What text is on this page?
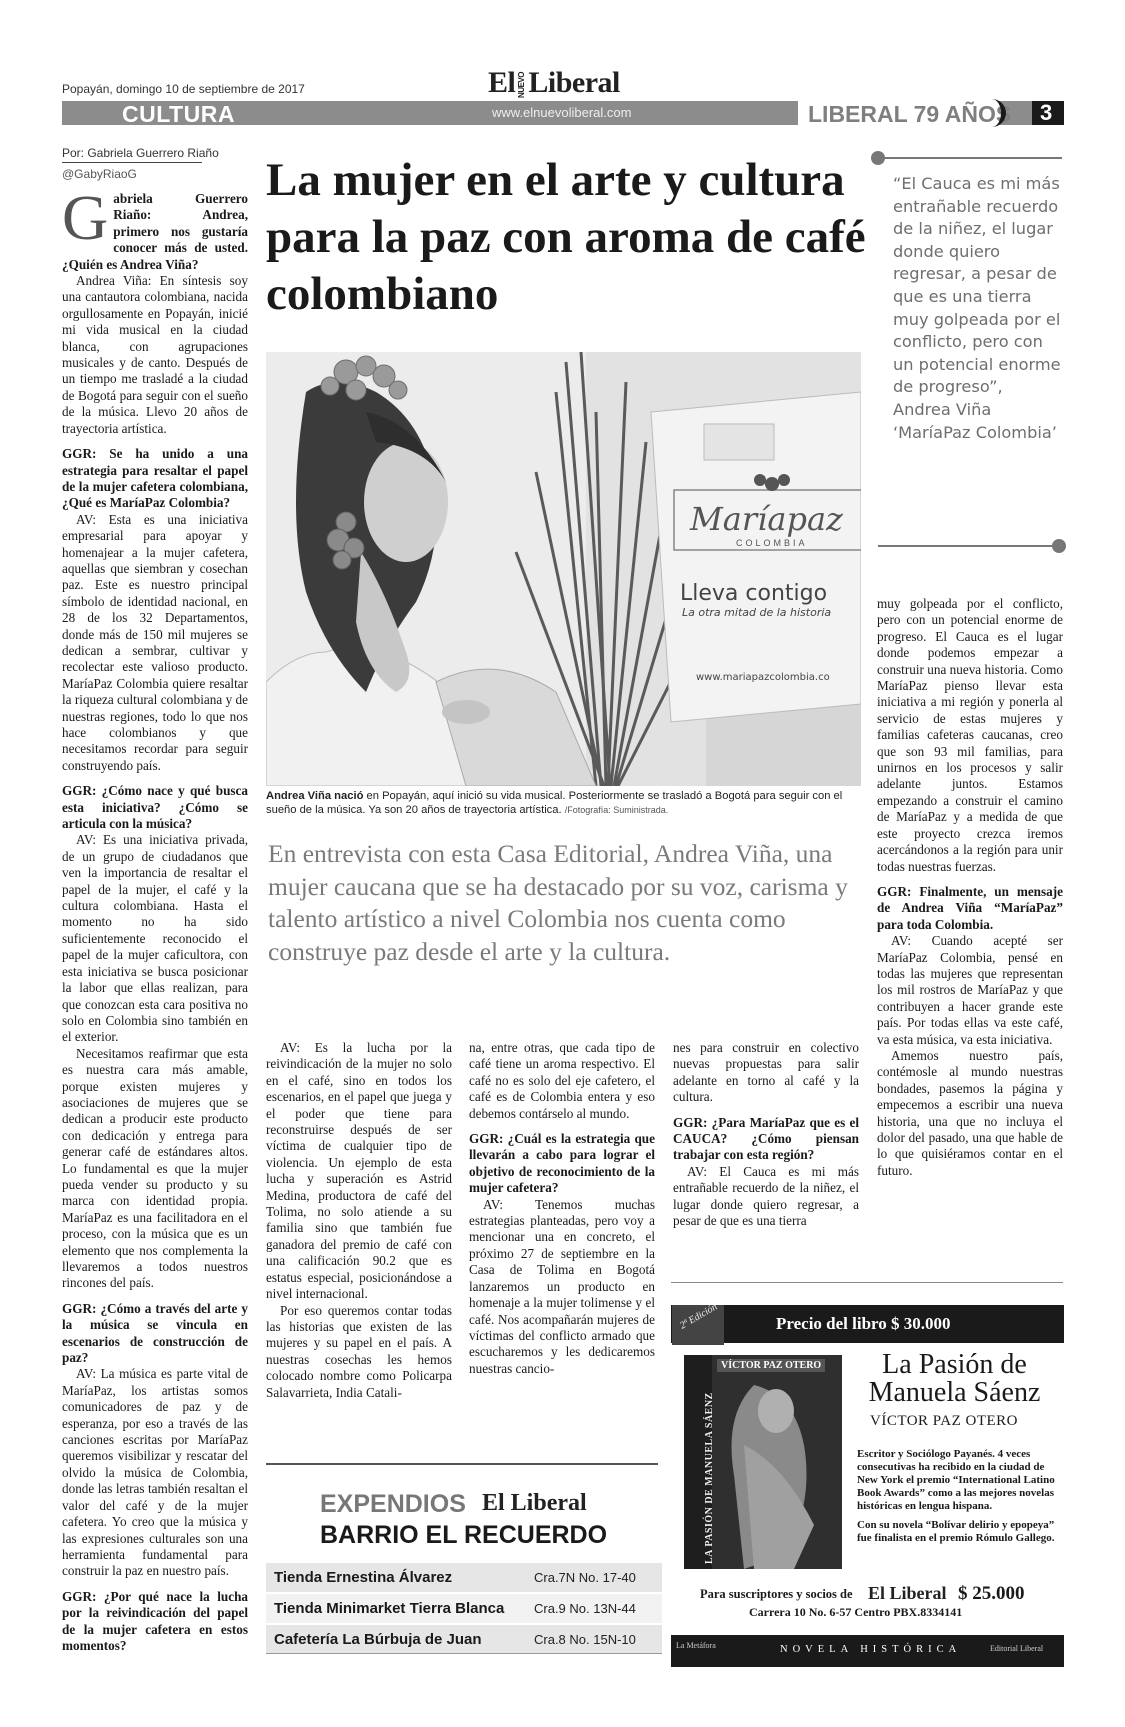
Popayán, domingo 10 de septiembre de 2017	El NUEVOLiberal
CULTURA	www.elnuevoliberal.com	LIBERAL 79 AÑOS 3
Por: Gabriela Guerrero Riaño
@GabyRiaoG	La mujer en el arte y cultura para la paz con aroma de café colombiano
“El Cauca es mi más entrañable recuerdo de la niñez, el lugar donde quiero regresar, a pesar de que es una tierra muy golpeada por el conflicto, pero con un potencial enorme de progreso”, Andrea Viña ‘MaríaPaz Colombia’
Maríapaz
COLOMBIA
Lleva contigo
La otra mitad de la historia
www.mariapazcolombia.co
Andrea Viña nació en Popayán, aquí inició su vida musical. Posteriormente se trasladó a Bogotá para seguir con el sueño de la música. Ya son 20 años de trayectoria artística. /Fotografía: Suministrada.
En entrevista con esta Casa Editorial, Andrea Viña, una mujer caucana que se ha destacado por su voz, carisma y talento artístico a nivel Colombia nos cuenta como construye paz desde el arte y la cultura.

Gabriela Guerrero Riaño: Andrea, primero nos gustaría conocer más de usted. ¿Quién es Andrea Viña?

Andrea Viña: En síntesis soy una cantautora colombiana, nacida orgullosamente en Popayán, inicié mi vida musical en la ciudad blanca, con agrupaciones musicales y de canto. Después de un tiempo me trasladé a la ciudad de Bogotá para seguir con el sueño de la música. Llevo 20 años de trayectoria artística.

GGR: Se ha unido a una estrategia para resaltar el papel de la mujer cafetera colombiana, ¿Qué es MaríaPaz Colombia?

AV: Esta es una iniciativa empresarial para apoyar y homenajear a la mujer cafetera, aquellas que siembran y cosechan paz. Este es nuestro principal símbolo de identidad nacional, en 28 de los 32 Departamentos, donde más de 150 mil mujeres se dedican a sembrar, cultivar y recolectar este valioso producto. MaríaPaz Colombia quiere resaltar la riqueza cultural colombiana y de nuestras regiones, todo lo que nos hace colombianos y que necesitamos recordar para seguir construyendo país.

GGR: ¿Cómo nace y qué busca esta iniciativa? ¿Cómo se articula con la música?

AV: Es una iniciativa privada, de un grupo de ciudadanos que ven la importancia de resaltar el papel de la mujer, el café y la cultura colombiana. Hasta el momento no ha sido suficientemente reconocido el papel de la mujer caficultora, con esta iniciativa se busca posicionar la labor que ellas realizan, para que conozcan esta cara positiva no solo en Colombia sino también en el exterior.

Necesitamos reafirmar que esta es nuestra cara más amable, porque existen mujeres y asociaciones de mujeres que se dedican a producir este producto con dedicación y entrega para generar café de estándares altos. Lo fundamental es que la mujer pueda vender su producto y su marca con identidad propia. MaríaPaz es una facilitadora en el proceso, con la música que es un elemento que nos complementa la llevaremos a todos nuestros rincones del país.

GGR: ¿Cómo a través del arte y la música se vincula en escenarios de construcción de paz?

AV: La música es parte vital de MaríaPaz, los artistas somos comunicadores de paz y de esperanza, por eso a través de las canciones escritas por MaríaPaz queremos visibilizar y rescatar del olvido la música de Colombia, donde las letras también resaltan el valor del café y de la mujer cafetera. Yo creo que la música y las expresiones culturales son una herramienta fundamental para construir la paz en nuestro país.

GGR: ¿Por qué nace la lucha por la reivindicación del papel de la mujer cafetera en estos momentos?

AV: Es la lucha por la reivindicación de la mujer no solo en el café, sino en todos los escenarios, en el papel que juega y el poder que tiene para reconstruirse después de ser víctima de cualquier tipo de violencia. Un ejemplo de esta lucha y superación es Astrid Medina, productora de café del Tolima, no solo atiende a su familia sino que también fue ganadora del premio de café con una calificación 90.2 que es estatus especial, posicionándose a nivel internacional.

Por eso queremos contar todas las historias que existen de las mujeres y su papel en el país. A nuestras cosechas les hemos colocado nombre como Policarpa Salavarrieta, India Catali-

na, entre otras, que cada tipo de café tiene un aroma respectivo. El café no es solo del eje cafetero, el café es de Colombia entera y eso debemos contárselo al mundo.

GGR: ¿Cuál es la estrategia que llevarán a cabo para lograr el objetivo de reconocimiento de la mujer cafetera?

AV: Tenemos muchas estrategias planteadas, pero voy a mencionar una en concreto, el próximo 27 de septiembre en la Casa de Tolima en Bogotá lanzaremos un producto en homenaje a la mujer tolimense y el café. Nos acompañarán mujeres de víctimas del conflicto armado que escucharemos y les dedicaremos nuestras cancio-

nes para construir en colectivo nuevas propuestas para salir adelante en torno al café y la cultura.

GGR: ¿Para MaríaPaz que es el CAUCA? ¿Cómo piensan trabajar con esta región?

AV: El Cauca es mi más entrañable recuerdo de la niñez, el lugar donde quiero regresar, a pesar de que es una tierra

muy golpeada por el conflicto, pero con un potencial enorme de progreso. El Cauca es el lugar donde podemos empezar a construir una nueva historia. Como MaríaPaz pienso llevar esta iniciativa a mi región y ponerla al servicio de estas mujeres y familias cafeteras caucanas, creo que son 93 mil familias, para unirnos en los procesos y salir adelante juntos. Estamos empezando a construir el camino de MaríaPaz y a medida de que este proyecto crezca iremos acercándonos a la región para unir todas nuestras fuerzas.

GGR: Finalmente, un mensaje de Andrea Viña “MaríaPaz” para toda Colombia.

AV: Cuando acepté ser MaríaPaz Colombia, pensé en todas las mujeres que representan los mil rostros de MaríaPaz y que contribuyen a hacer grande este país. Por todas ellas va este café, va esta música, va esta iniciativa.

Amemos nuestro país, contémosle al mundo nuestras bondades, pasemos la página y empecemos a escribir una nueva historia, una que no incluya el dolor del pasado, una que hable de lo que quisiéramos contar en el futuro.

EXPENDIOS El Liberal
BARRIO EL RECUERDO
Tienda Ernestina Álvarez	Cra.7N No. 17-40
Tienda Minimarket Tierra Blanca Cra.9 No. 13N-44
Cafetería La Búrbuja de Juan	Cra.8 No. 15N-10
2ª Edición	Precio del libro $ 30.000
VÍCTOR PAZ OTERO
LA PASIÓN DE MANUELA SÁENZ
La Pasión de Manuela Sáenz
VÍCTOR PAZ OTERO
Escritor y Sociólogo Payanés. 4 veces consecutivas ha recibido en la ciudad de New York el premio “International Latino Book Awards” como a las mejores novelas históricas en lengua hispana.
Con su novela “Bolívar delirio y epopeya” fue finalista en el premio Rómulo Gallego.
Para suscriptores y socios de El Liberal $ 25.000
Carrera 10 No. 6-57 Centro PBX.8334141
La Metáfora	NOVELA HISTÓRICA	Editorial Liberal
